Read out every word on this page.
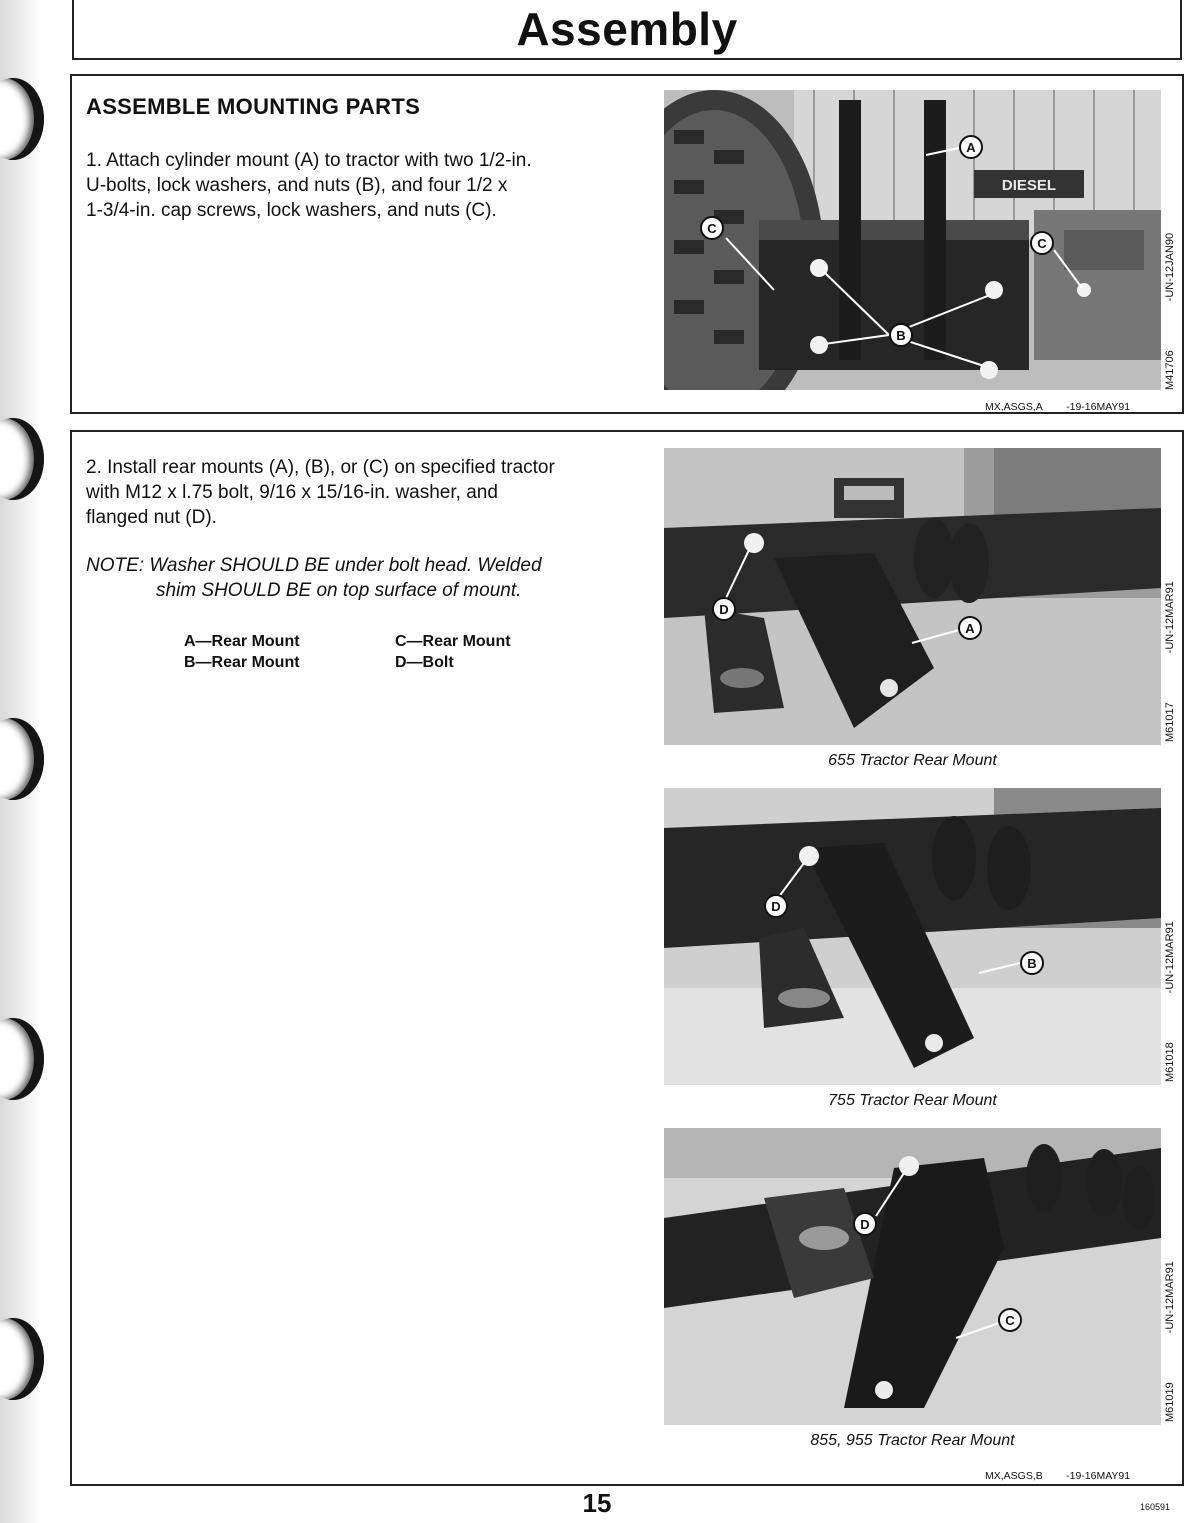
Assembly
ASSEMBLE MOUNTING PARTS
1. Attach cylinder mount (A) to tractor with two 1/2-in.
U-bolts, lock washers, and nuts (B), and four 1/2 x
1-3/4-in. cap screws, lock washers, and nuts (C).
DIESEL
A
B
C
C
M41706                -UN-12JAN90
MX,ASGS,A -19-16MAY91
2. Install rear mounts (A), (B), or (C) on specified tractor
with M12 x l.75 bolt, 9/16 x 15/16-in. washer, and
flanged nut (D).
NOTE: Washer SHOULD BE under bolt head. Welded
shim SHOULD BE on top surface of mount.
A—Rear Mount
B—Rear Mount
C—Rear Mount
D—Bolt
D
A
M61017                -UN-12MAR91
655 Tractor Rear Mount
D
B
M61018                -UN-12MAR91
755 Tractor Rear Mount
D
C
M61019                -UN-12MAR91
855, 955 Tractor Rear Mount
MX,ASGS,B -19-16MAY91
15	160591
